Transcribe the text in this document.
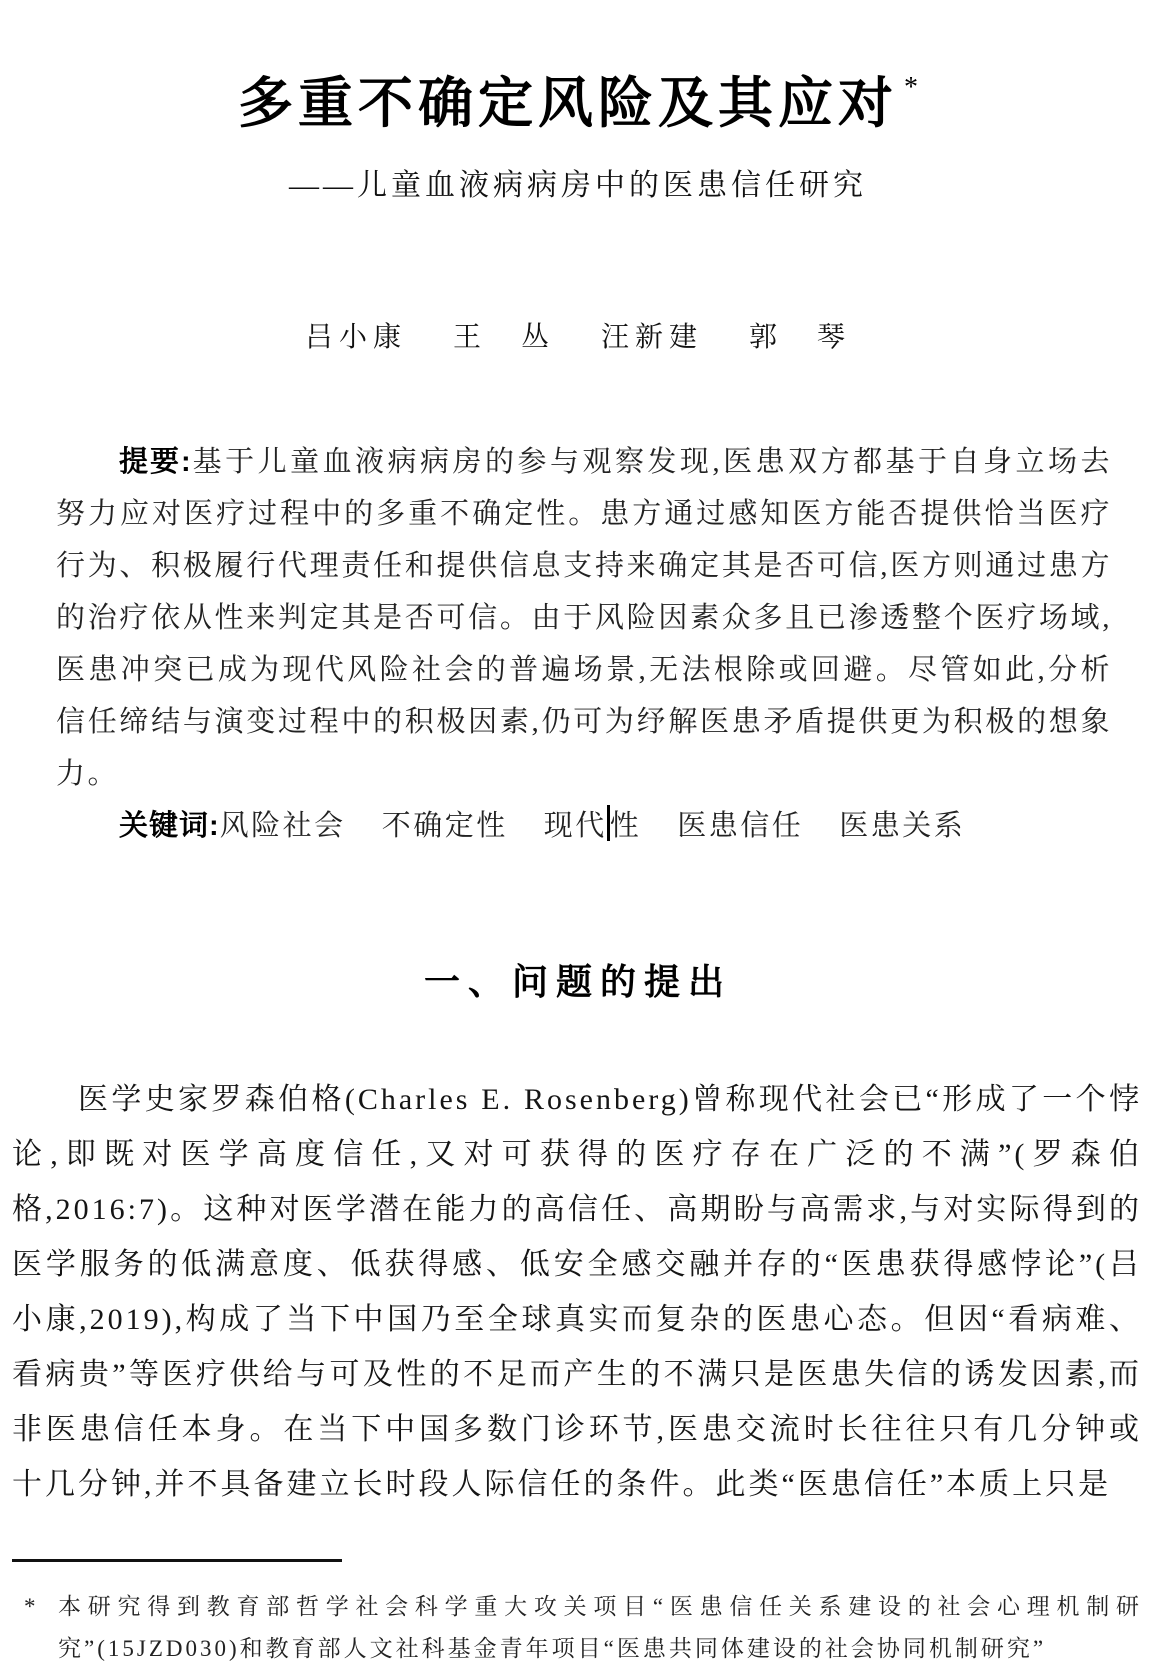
多重不确定风险及其应对 *
——儿童血液病病房中的医患信任研究
吕小康 王　丛 汪新建 郭　琴

提要:基于儿童血液病病房的参与观察发现,医患双方都基于自身立场去努力应对医疗过程中的多重不确定性。患方通过感知医方能否提供恰当医疗行为、积极履行代理责任和提供信息支持来确定其是否可信,医方则通过患方的治疗依从性来判定其是否可信。由于风险因素众多且已渗透整个医疗场域,医患冲突已成为现代风险社会的普遍场景,无法根除或回避。尽管如此,分析信任缔结与演变过程中的积极因素,仍可为纾解医患矛盾提供更为积极的想象力。

关键词:风险社会 不确定性 现代 性 医患信任 医患关系

一、问题的提出

医学史家罗森伯格(Charles E. Rosenberg)曾称现代社会已“形成了一个悖论,即既对医学高度信任,又对可获得的医疗存在广泛的不满”(罗森伯格,2016:7)。这种对医学潜在能力的高信任、高期盼与高需求,与对实际得到的医学服务的低满意度、低获得感、低安全感交融并存的“医患获得感悖论”(吕小康,2019),构成了当下中国乃至全球真实而复杂的医患心态。但因“看病难、看病贵”等医疗供给与可及性的不足而产生的不满只是医患失信的诱发因素,而非医患信任本身。在当下中国多数门诊环节,医患交流时长往往只有几分钟或十几分钟,并不具备建立长时段人际信任的条件。此类“医患信任”本质上只是

* 本研究得到教育部哲学社会科学重大攻关项目“医患信任关系建设的社会心理机制研究”(15JZD030)和教育部人文社科基金青年项目“医患共同体建设的社会协同机制研究”
